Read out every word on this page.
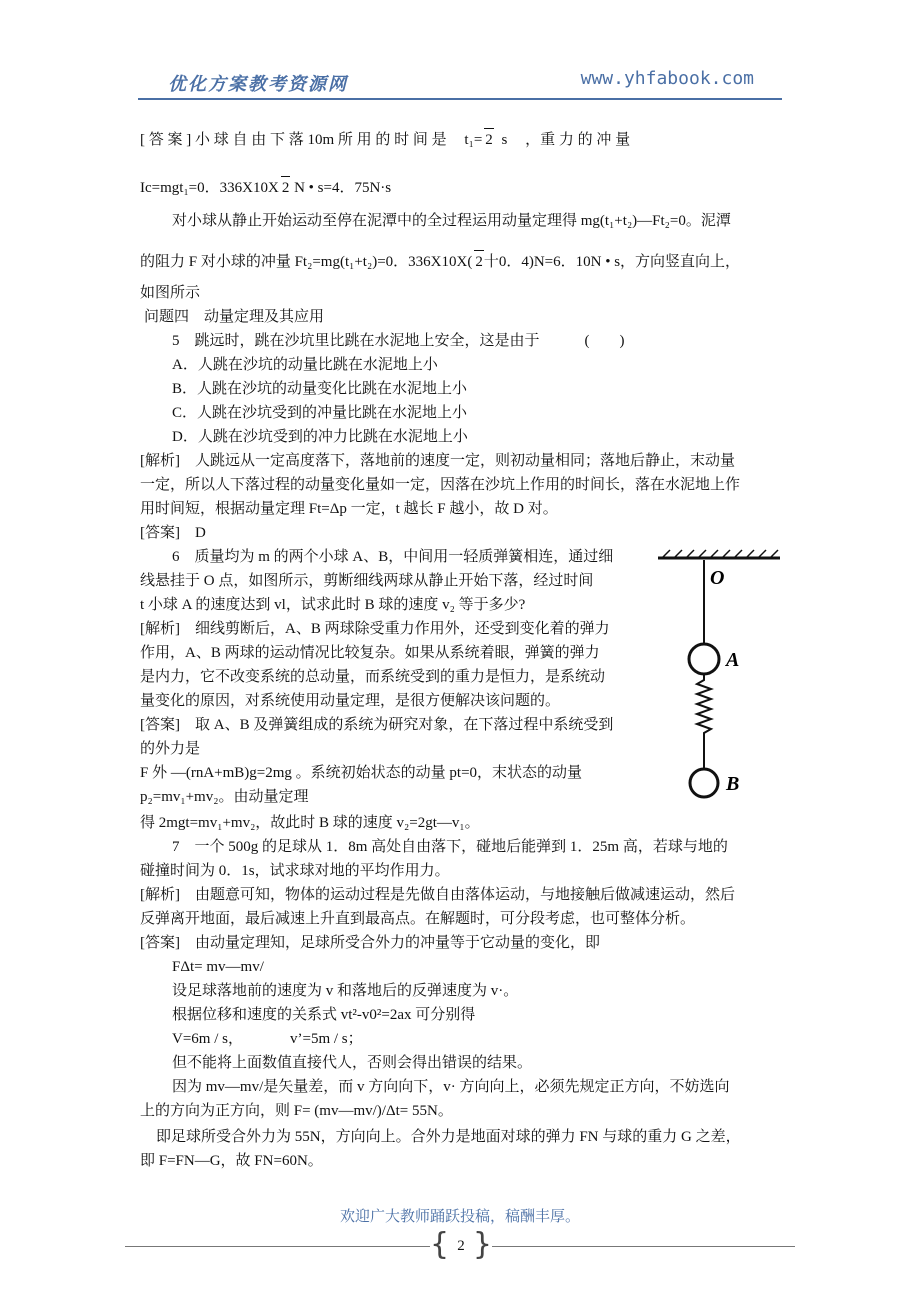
优化方案教考资源网	www.yhfabook.com
[ 答 案 ] 小 球 自 由 下 落 10m 所 用 的 时 间 是 t₁= 2 s ，重 力 的 冲 量
Ic=mgt₁=0．336X10X 2 N • s=4．75N·s
对小球从静止开始运动至停在泥潭中的全过程运用动量定理得 mg(t₁+t₂)—Ft₂=0。泥潭
的阻力 F 对小球的冲量 Ft₂=mg(t₁+t₂)=0．336X10X( 2十0．4)N=6．10N • s，方向竖直向上，
如图所示
问题四　动量定理及其应用
5　跳远时，跳在沙坑里比跳在水泥地上安全，这是由于　　　(　　)
A．人跳在沙坑的动量比跳在水泥地上小
B．人跳在沙坑的动量变化比跳在水泥地上小
C．人跳在沙坑受到的冲量比跳在水泥地上小
D．人跳在沙坑受到的冲力比跳在水泥地上小
[解析]　人跳远从一定高度落下，落地前的速度一定，则初动量相同；落地后静止，末动量
一定，所以人下落过程的动量变化量如一定，因落在沙坑上作用的时间长，落在水泥地上作
用时间短，根据动量定理 Ft=Δp 一定，t 越长 F 越小，故 D 对。
[答案]　D
6　质量均为 m 的两个小球 A、B，中间用一轻质弹簧相连，通过细
线悬挂于 O 点，如图所示，剪断细线两球从静止开始下落，经过时间
t 小球 A 的速度达到 vl，试求此时 B 球的速度 v₂ 等于多少?
[解析]　细线剪断后，A、B 两球除受重力作用外，还受到变化着的弹力
作用，A、B 两球的运动情况比较复杂。如果从系统着眼，弹簧的弹力
是内力，它不改变系统的总动量，而系统受到的重力是恒力，是系统动
量变化的原因，对系统使用动量定理，是很方便解决该问题的。
[答案]　取 A、B 及弹簧组成的系统为研究对象，在下落过程中系统受到
的外力是
F 外 —(rnA+mB)g=2mg 。系统初始状态的动量 pt=0，末状态的动量
p₂=mv₁+mv₂。由动量定理
得 2mgt=mv₁+mv₂，故此时 B 球的速度 v₂=2gt—v₁。
7　一个 500g 的足球从 1．8m 高处自由落下，碰地后能弹到 1．25m 高，若球与地的
碰撞时间为 0．1s，试求球对地的平均作用力。
[解析]　由题意可知，物体的运动过程是先做自由落体运动，与地接触后做减速运动，然后
反弹离开地面，最后减速上升直到最高点。在解题时，可分段考虑，也可整体分析。
[答案]　由动量定理知，足球所受合外力的冲量等于它动量的变化，即
FΔt= mv—mv/
设足球落地前的速度为 v 和落地后的反弹速度为 v·。
根据位移和速度的关系式 vt²-v0²=2ax 可分别得
V=6m / s，	v’=5m / s；
但不能将上面数值直接代人，否则会得出错误的结果。
因为 mv—mv/是矢量差，而 v 方向向下，v· 方向向上，必须先规定正方向，不妨选向
上的方向为正方向，则 F= (mv—mv/)/Δt= 55N。
即足球所受合外力为 55N，方向向上。合外力是地面对球的弹力 FN 与球的重力 G 之差，
即 F=FN—G，故 FN=60N。
O
A
B
欢迎广大教师踊跃投稿，稿酬丰厚。
{ 2 }
